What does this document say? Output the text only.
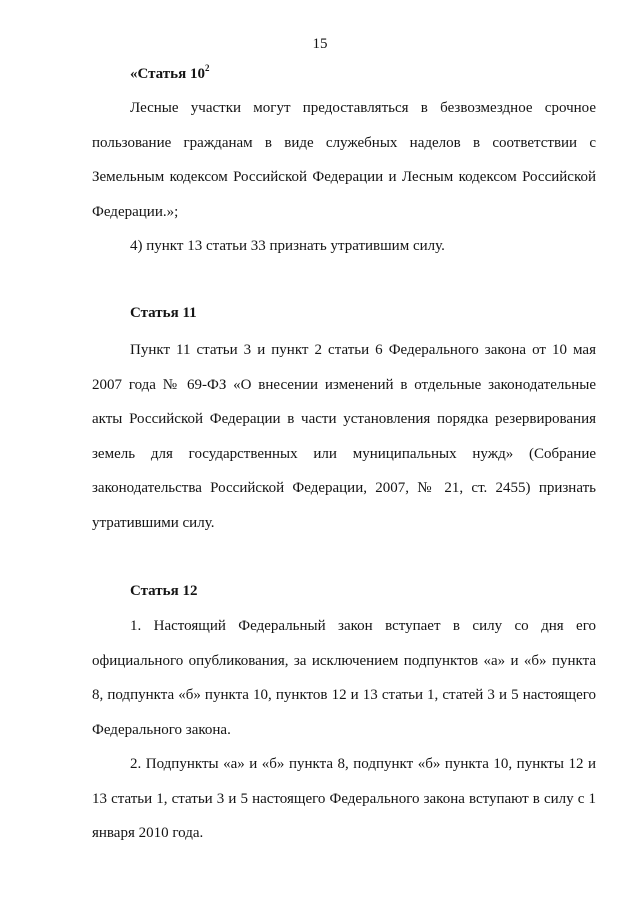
15
«Статья $10^2$
Лесные участки могут предоставляться в безвозмездное срочное пользование гражданам в виде служебных наделов в соответствии с Земельным кодексом Российской Федерации и Лесным кодексом Российской Федерации.»;
4) пункт 13 статьи 33 признать утратившим силу.
Статья 11
Пункт 11 статьи 3 и пункт 2 статьи 6 Федерального закона от 10 мая 2007 года № 69-ФЗ «О внесении изменений в отдельные законодательные акты Российской Федерации в части установления порядка резервирования земель для государственных или муниципальных нужд» (Собрание законодательства Российской Федерации, 2007, № 21, ст. 2455) признать утратившими силу.
Статья 12
1. Настоящий Федеральный закон вступает в силу со дня его официального опубликования, за исключением подпунктов «а» и «б» пункта 8, подпункта «б» пункта 10, пунктов 12 и 13 статьи 1, статей 3 и 5 настоящего Федерального закона.
2. Подпункты «а» и «б» пункта 8, подпункт «б» пункта 10, пункты 12 и 13 статьи 1, статьи 3 и 5 настоящего Федерального закона вступают в силу с 1 января 2010 года.
